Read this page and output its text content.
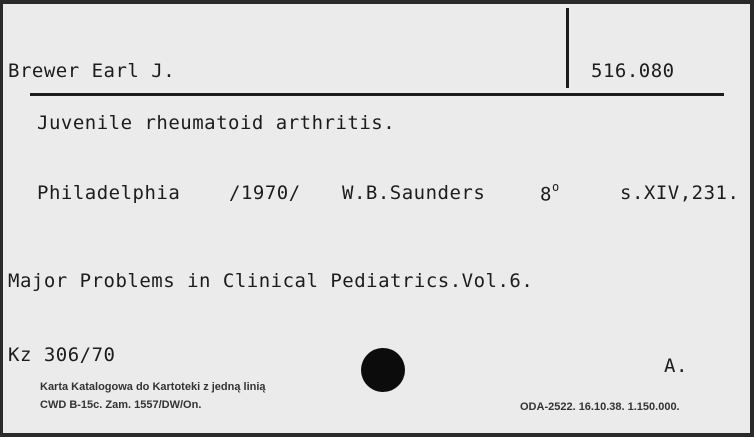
Brewer Earl J.	516.080
Juvenile rheumatoid arthritis.
Philadelphia	/1970/ W.B.Saunders	8$^o$	s.XIV,231.
Major Problems in Clinical Pediatrics.Vol.6.
Kz 306/70	A.
Karta Katalogowa do Kartoteki z jedną linią
CWD B-15c. Zam. 1557/DW/On.	ODA-2522. 16.10.38. 1.150.000.
